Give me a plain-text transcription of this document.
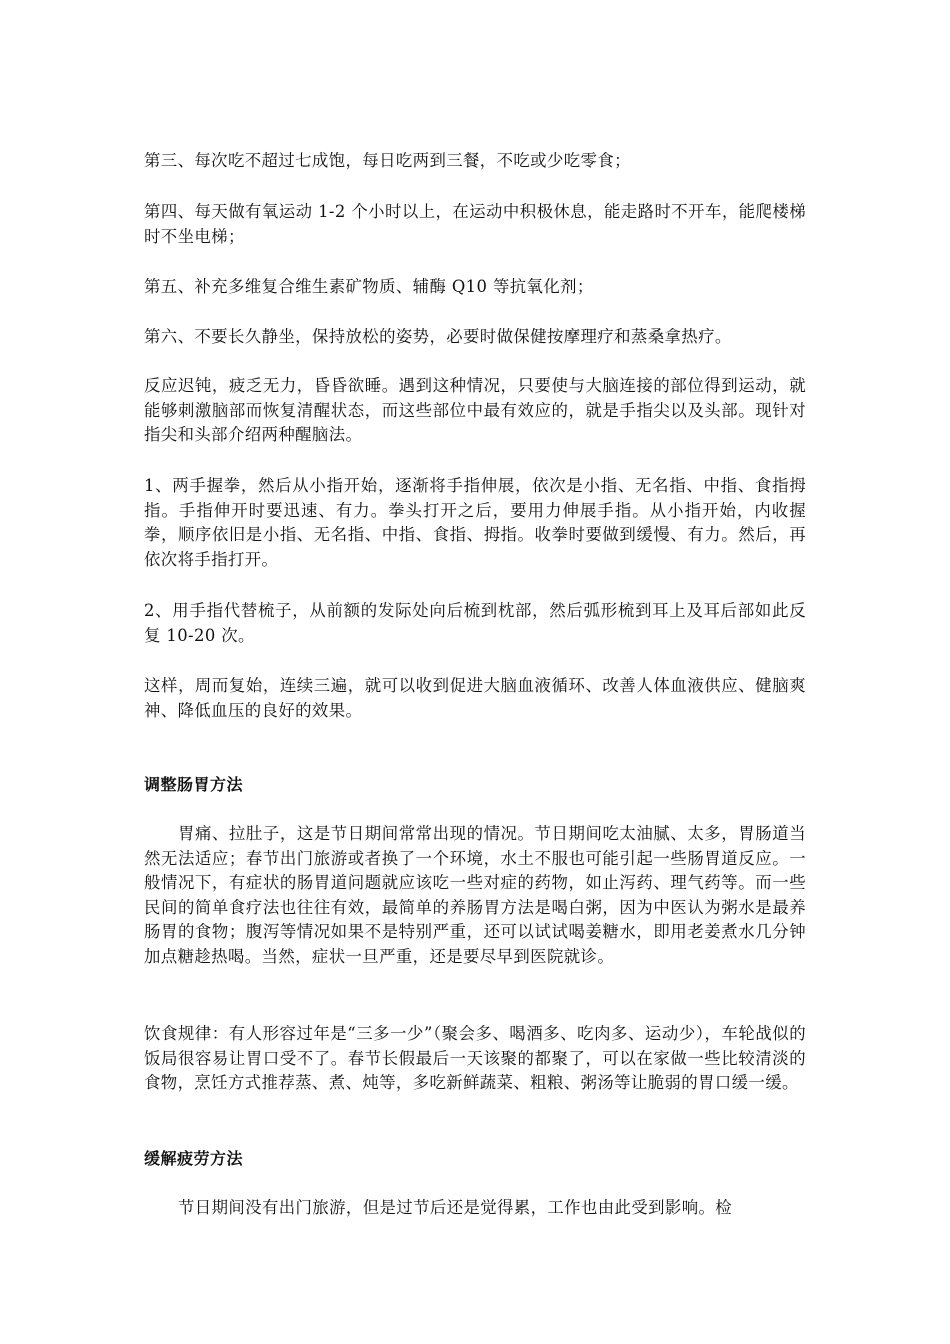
第三、每次吃不超过七成饱，每日吃两到三餐，不吃或少吃零食；

第四、每天做有氧运动 1-2 个小时以上，在运动中积极休息，能走路时不开车，能爬楼梯时不坐电梯；

第五、补充多维复合维生素矿物质、辅酶 Q10 等抗氧化剂；

第六、不要长久静坐，保持放松的姿势，必要时做保健按摩理疗和蒸桑拿热疗。

反应迟钝，疲乏无力，昏昏欲睡。遇到这种情况，只要使与大脑连接的部位得到运动，就能够刺激脑部而恢复清醒状态，而这些部位中最有效应的，就是手指尖以及头部。现针对指尖和头部介绍两种醒脑法。

1、两手握拳，然后从小指开始，逐渐将手指伸展，依次是小指、无名指、中指、食指拇指。手指伸开时要迅速、有力。拳头打开之后，要用力伸展手指。从小指开始，内收握拳，顺序依旧是小指、无名指、中指、食指、拇指。收拳时要做到缓慢、有力。然后，再依次将手指打开。

2、用手指代替梳子，从前额的发际处向后梳到枕部，然后弧形梳到耳上及耳后部如此反复 10-20 次。

这样，周而复始，连续三遍，就可以收到促进大脑血液循环、改善人体血液供应、健脑爽神、降低血压的良好的效果。

调整肠胃方法

胃痛、拉肚子，这是节日期间常常出现的情况。节日期间吃太油腻、太多，胃肠道当然无法适应；春节出门旅游或者换了一个环境，水土不服也可能引起一些肠胃道反应。一般情况下，有症状的肠胃道问题就应该吃一些对症的药物，如止泻药、理气药等。而一些民间的简单食疗法也往往有效，最简单的养肠胃方法是喝白粥，因为中医认为粥水是最养肠胃的食物；腹泻等情况如果不是特别严重，还可以试试喝姜糖水，即用老姜煮水几分钟加点糖趁热喝。当然，症状一旦严重，还是要尽早到医院就诊。

饮食规律：有人形容过年是“三多一少”（聚会多、喝酒多、吃肉多、运动少），车轮战似的饭局很容易让胃口受不了。春节长假最后一天该聚的都聚了，可以在家做一些比较清淡的食物，烹饪方式推荐蒸、煮、炖等，多吃新鲜蔬菜、粗粮、粥汤等让脆弱的胃口缓一缓。

缓解疲劳方法

节日期间没有出门旅游，但是过节后还是觉得累，工作也由此受到影响。检
